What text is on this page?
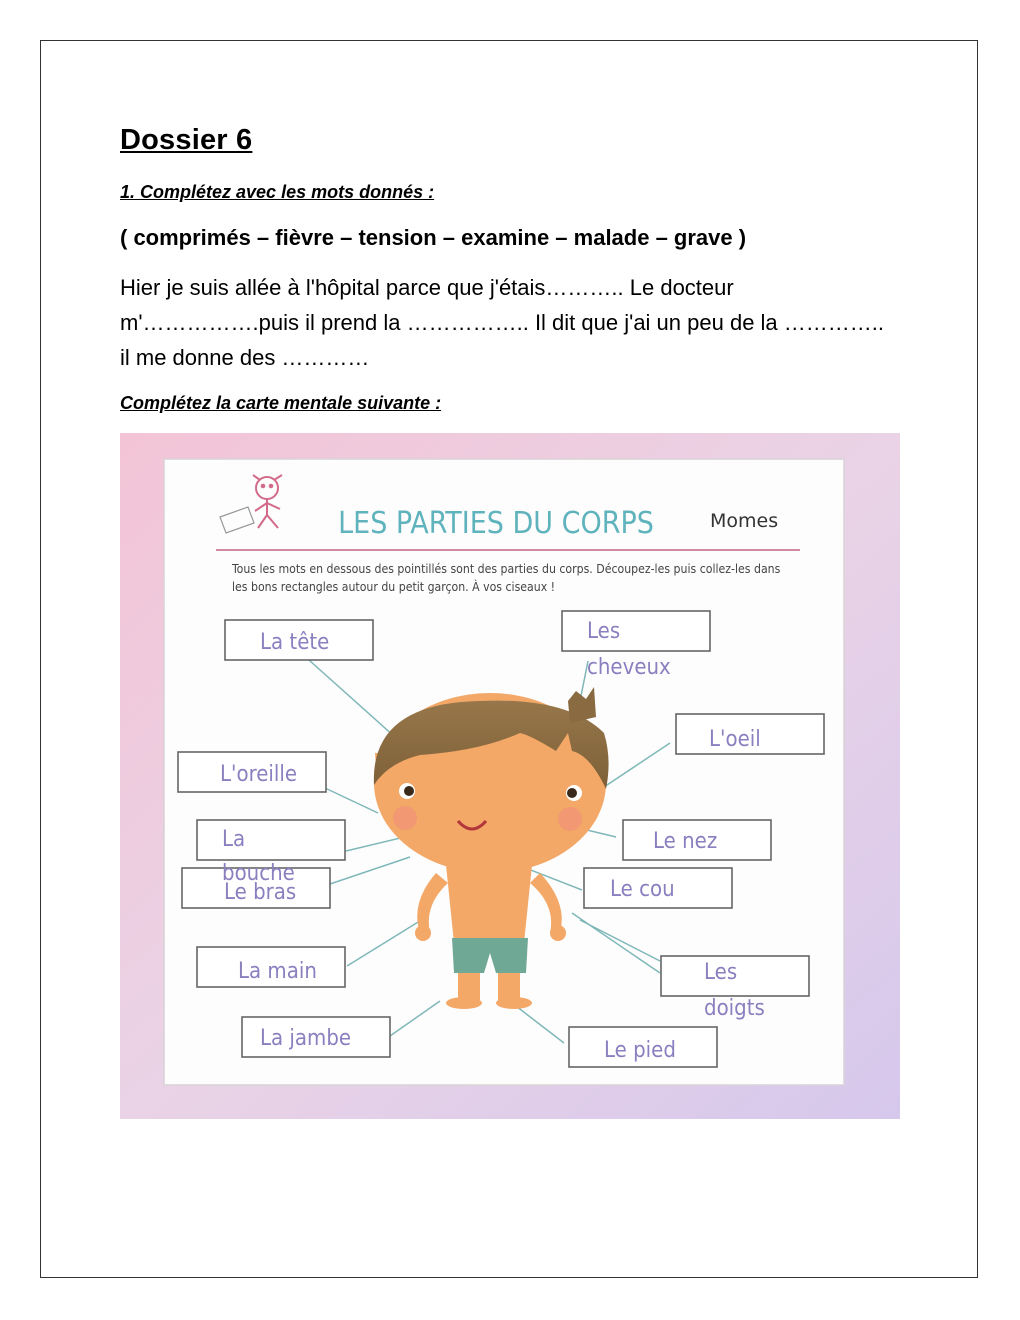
Dossier 6
1. Complétez avec les mots donnés :
( comprimés – fièvre – tension – examine – malade – grave )
Hier je suis allée à l'hôpital parce que j'étais……….. Le docteur
m'…………….puis il prend la …………….. Il dit que j'ai un peu de la …………..
il me donne des …………
Complétez la carte mentale suivante :
LES PARTIES DU CORPS	Momes
Tous les mots en dessous des pointillés sont des parties du corps. Découpez-les puis collez-les dans
les bons rectangles autour du petit garçon. À vos ciseaux !
La tête	Les
cheveux
L'oeil
L'oreille
La
bouche
Le nez
Le bras	Le cou
La main	Les
doigts
La jambe	Le pied
